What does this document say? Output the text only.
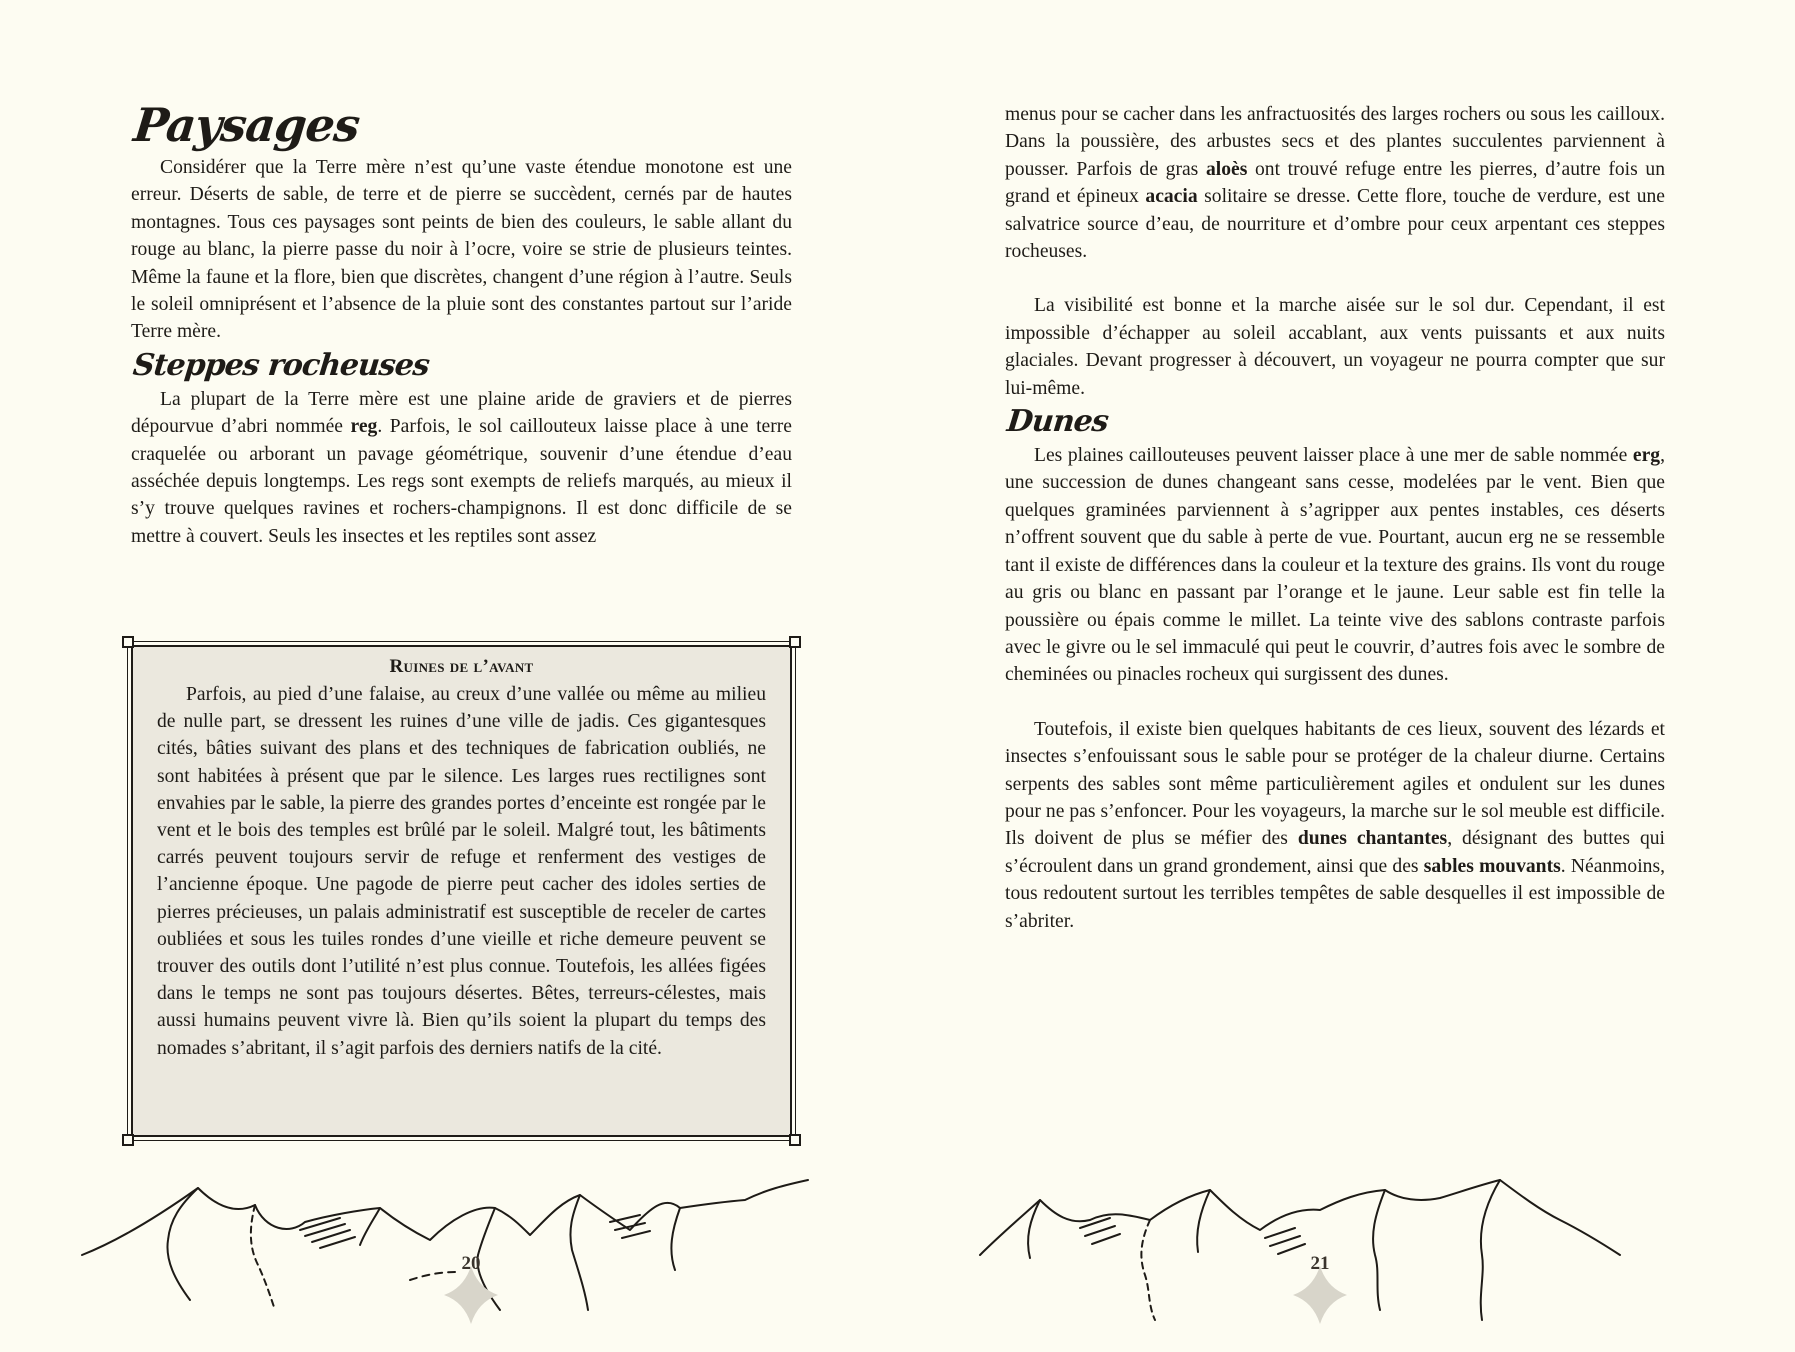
Paysages

Considérer que la Terre mère n’est qu’une vaste étendue monotone est une erreur. Déserts de sable, de terre et de pierre se succèdent, cernés par de hautes montagnes. Tous ces paysages sont peints de bien des couleurs, le sable allant du rouge au blanc, la pierre passe du noir à l’ocre, voire se strie de plusieurs teintes. Même la faune et la flore, bien que discrètes, changent d’une région à l’autre. Seuls le soleil omniprésent et l’absence de la pluie sont des constantes partout sur l’aride Terre mère.

Steppes rocheuses

La plupart de la Terre mère est une plaine aride de graviers et de pierres dépourvue d’abri nommée reg. Parfois, le sol caillouteux laisse place à une terre craquelée ou arborant un pavage géométrique, souvenir d’une étendue d’eau asséchée depuis longtemps. Les regs sont exempts de reliefs marqués, au mieux il s’y trouve quelques ravines et rochers-champignons. Il est donc difficile de se mettre à couvert. Seuls les insectes et les reptiles sont assez

Ruines de l’avant

Parfois, au pied d’une falaise, au creux d’une vallée ou même au milieu de nulle part, se dressent les ruines d’une ville de jadis. Ces gigantesques cités, bâties suivant des plans et des techniques de fabrication oubliés, ne sont habitées à présent que par le silence. Les larges rues rectilignes sont envahies par le sable, la pierre des grandes portes d’enceinte est rongée par le vent et le bois des temples est brûlé par le soleil. Malgré tout, les bâtiments carrés peuvent toujours servir de refuge et renferment des vestiges de l’ancienne époque. Une pagode de pierre peut cacher des idoles serties de pierres précieuses, un palais administratif est susceptible de receler de cartes oubliées et sous les tuiles rondes d’une vieille et riche demeure peuvent se trouver des outils dont l’utilité n’est plus connue. Toutefois, les allées figées dans le temps ne sont pas toujours désertes. Bêtes, terreurs-célestes, mais aussi humains peuvent vivre là. Bien qu’ils soient la plupart du temps des nomades s’abritant, il s’agit parfois des derniers natifs de la cité.

menus pour se cacher dans les anfractuosités des larges rochers ou sous les cailloux. Dans la poussière, des arbustes secs et des plantes succulentes parviennent à pousser. Parfois de gras aloès ont trouvé refuge entre les pierres, d’autre fois un grand et épineux acacia solitaire se dresse. Cette flore, touche de verdure, est une salvatrice source d’eau, de nourriture et d’ombre pour ceux arpentant ces steppes rocheuses.

La visibilité est bonne et la marche aisée sur le sol dur. Cependant, il est impossible d’échapper au soleil accablant, aux vents puissants et aux nuits glaciales. Devant progresser à découvert, un voyageur ne pourra compter que sur lui-même.

Dunes

Les plaines caillouteuses peuvent laisser place à une mer de sable nommée erg, une succession de dunes changeant sans cesse, modelées par le vent. Bien que quelques graminées parviennent à s’agripper aux pentes instables, ces déserts n’offrent souvent que du sable à perte de vue. Pourtant, aucun erg ne se ressemble tant il existe de différences dans la couleur et la texture des grains. Ils vont du rouge au gris ou blanc en passant par l’orange et le jaune. Leur sable est fin telle la poussière ou épais comme le millet. La teinte vive des sablons contraste parfois avec le givre ou le sel immaculé qui peut le couvrir, d’autres fois avec le sombre de cheminées ou pinacles rocheux qui surgissent des dunes.

Toutefois, il existe bien quelques habitants de ces lieux, souvent des lézards et insectes s’enfouissant sous le sable pour se protéger de la chaleur diurne. Certains serpents des sables sont même particulièrement agiles et ondulent sur les dunes pour ne pas s’enfoncer. Pour les voyageurs, la marche sur le sol meuble est difficile. Ils doivent de plus se méfier des dunes chantantes, désignant des buttes qui s’écroulent dans un grand grondement, ainsi que des sables mouvants. Néanmoins, tous redoutent surtout les terribles tempêtes de sable desquelles il est impossible de s’abriter.

20	21
